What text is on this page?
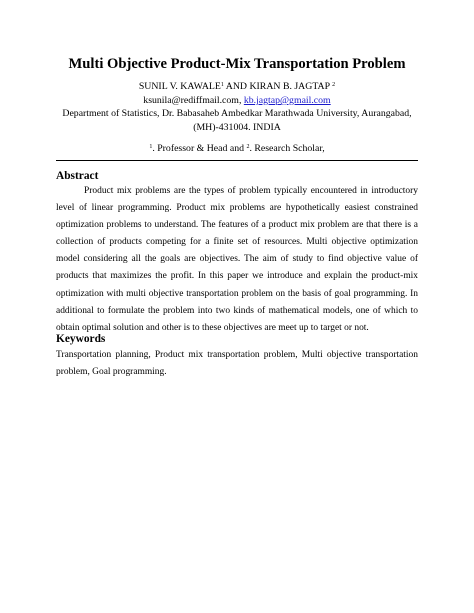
Multi Objective Product-Mix Transportation Problem
SUNIL V. KAWALE$^1$ AND KIRAN B. JAGTAP $^2$
ksunila@rediffmail.com, kb.jagtap@gmail.com
Department of Statistics, Dr. Babasaheb Ambedkar Marathwada University, Aurangabad,
(MH)-431004. INDIA
$^1$. Professor & Head and $^2$. Research Scholar,
Abstract
Product mix problems are the types of problem typically encountered in introductory level of linear programming. Product mix problems are hypothetically easiest constrained optimization problems to understand. The features of a product mix problem are that there is a collection of products competing for a finite set of resources. Multi objective optimization model considering all the goals are objectives. The aim of study to find objective value of products that maximizes the profit. In this paper we introduce and explain the product-mix optimization with multi objective transportation problem on the basis of goal programming. In additional to formulate the problem into two kinds of mathematical models, one of which to obtain optimal solution and other is to these objectives are meet up to target or not.
Keywords
Transportation planning, Product mix transportation problem, Multi objective transportation problem, Goal programming.
